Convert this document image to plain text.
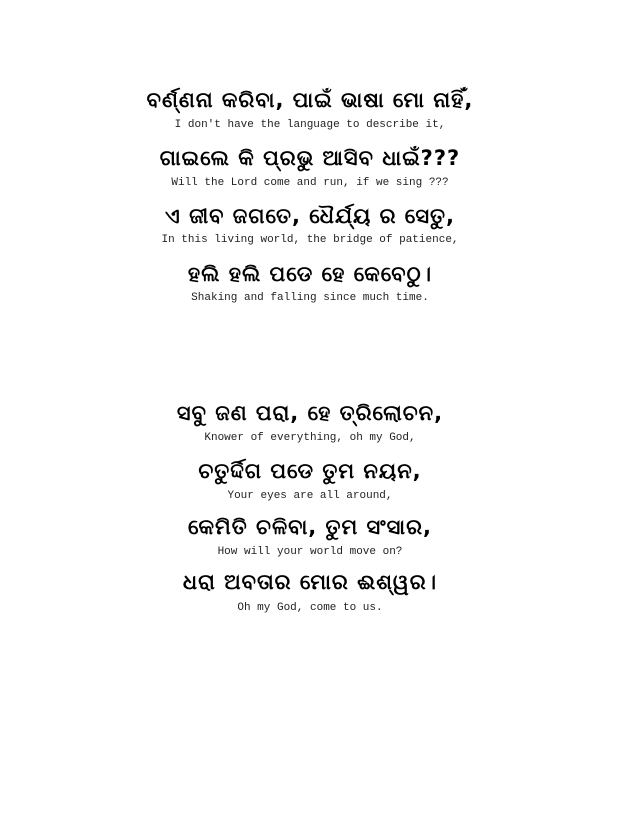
ବର୍ଣ୍ଣନା କରିବା, ପାଇଁ ଭାଷା ମୋ ନାହିଁ,
I don't have the language to describe it,
ଗାଇଲେ କି ପ୍ରଭୁ ଆସିବ ଧାଇଁ???
Will the Lord come and run, if we sing ???
ଏ ଜୀବ ଜଗତେ, ଧୈର୍ଯ୍ୟ ର ସେତୁ,
In this living world, the bridge of patience,
ହଲି ହଲି ପଡେ ହେ କେବେଠୁ।
Shaking and falling since much time.
ସବୁ ଜଣ ପରା, ହେ ତ୍ରିଲୋଚନ,
Knower of everything, oh my God,
ଚତୁର୍ଦ୍ଦିଗ ପଡେ ତୁମ ନୟନ,
Your eyes are all around,
କେମିତି ଚଳିବା, ତୁମ ସଂସାର,
How will your world move on?
ଧରା ଅବତାର ମୋର ଈଶ୍ୱର।
Oh my God, come to us.
